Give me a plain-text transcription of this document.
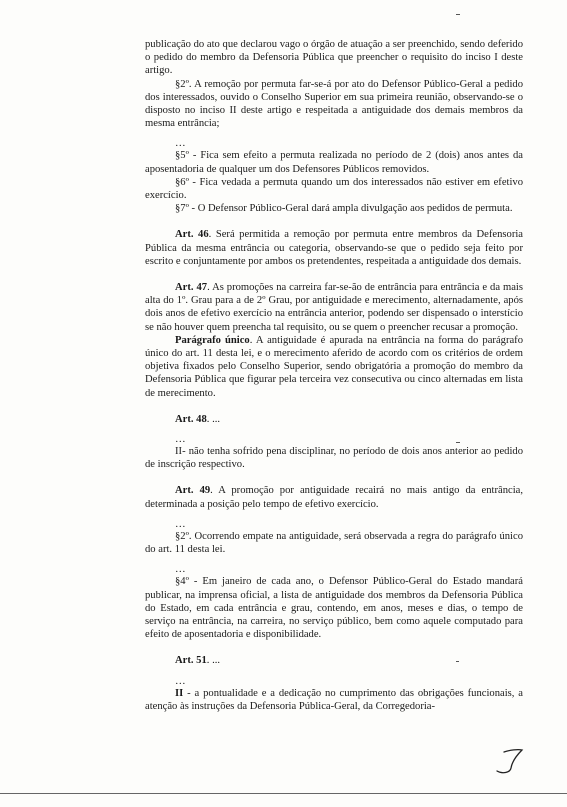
publicação do ato que declarou vago o órgão de atuação a ser preenchido, sendo deferido o pedido do membro da Defensoria Pública que preencher o requisito do inciso I deste artigo.

§2º. A remoção por permuta far-se-á por ato do Defensor Público-Geral a pedido dos interessados, ouvido o Conselho Superior em sua primeira reunião, observando-se o disposto no inciso II deste artigo e respeitada a antiguidade dos demais membros da mesma entrância;

…

§5º - Fica sem efeito a permuta realizada no período de 2 (dois) anos antes da aposentadoria de qualquer um dos Defensores Públicos removidos.

§6º - Fica vedada a permuta quando um dos interessados não estiver em efetivo exercício.

§7º - O Defensor Público-Geral dará ampla divulgação aos pedidos de permuta.

Art. 46. Será permitida a remoção por permuta entre membros da Defensoria Pública da mesma entrância ou categoria, observando-se que o pedido seja feito por escrito e conjuntamente por ambos os pretendentes, respeitada a antiguidade dos demais.

Art. 47. As promoções na carreira far-se-ão de entrância para entrância e da mais alta do 1º. Grau para a de 2º Grau, por antiguidade e merecimento, alternadamente, após dois anos de efetivo exercício na entrância anterior, podendo ser dispensado o interstício se não houver quem preencha tal requisito, ou se quem o preencher recusar a promoção.

Parágrafo único. A antiguidade é apurada na entrância na forma do parágrafo único do art. 11 desta lei, e o merecimento aferido de acordo com os critérios de ordem objetiva fixados pelo Conselho Superior, sendo obrigatória a promoção do membro da Defensoria Pública que figurar pela terceira vez consecutiva ou cinco alternadas em lista de merecimento.

Art. 48. ...

…

II- não tenha sofrido pena disciplinar, no período de dois anos anterior ao pedido de inscrição respectivo.

Art. 49. A promoção por antiguidade recairá no mais antigo da entrância, determinada a posição pelo tempo de efetivo exercício.

…

§2º. Ocorrendo empate na antiguidade, será observada a regra do parágrafo único do art. 11 desta lei.

…

§4º - Em janeiro de cada ano, o Defensor Público-Geral do Estado mandará publicar, na imprensa oficial, a lista de antiguidade dos membros da Defensoria Pública do Estado, em cada entrância e grau, contendo, em anos, meses e dias, o tempo de serviço na entrância, na carreira, no serviço público, bem como aquele computado para efeito de aposentadoria e disponibilidade.

Art. 51. ...

…

II - a pontualidade e a dedicação no cumprimento das obrigações funcionais, a atenção às instruções da Defensoria Pública-Geral, da Corregedoria-
